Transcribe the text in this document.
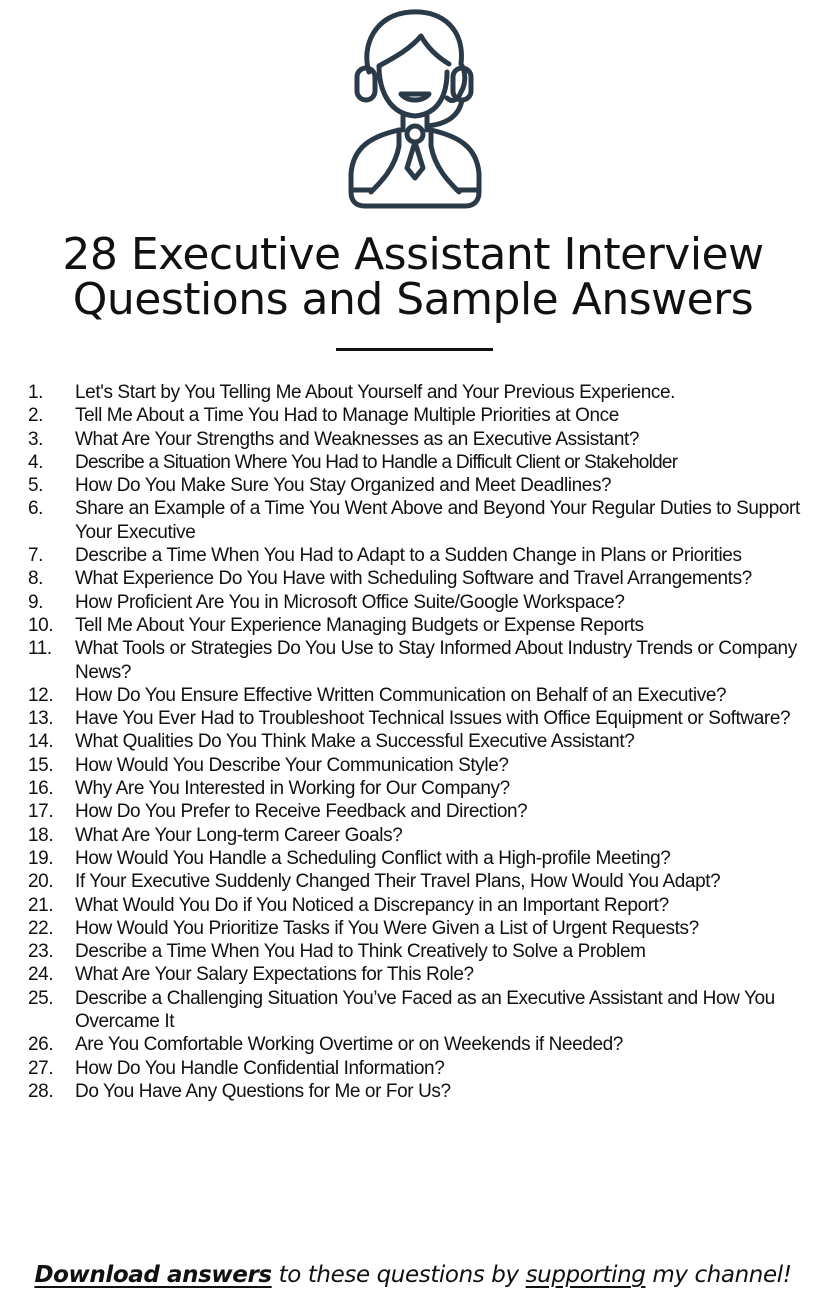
28 Executive Assistant Interview
Questions and Sample Answers
1. Let's Start by You Telling Me About Yourself and Your Previous Experience.
2. Tell Me About a Time You Had to Manage Multiple Priorities at Once
3. What Are Your Strengths and Weaknesses as an Executive Assistant?
4. Describe a Situation Where You Had to Handle a Difficult Client or Stakeholder
5. How Do You Make Sure You Stay Organized and Meet Deadlines?
6. Share an Example of a Time You Went Above and Beyond Your Regular Duties to Support Your Executive
7. Describe a Time When You Had to Adapt to a Sudden Change in Plans or Priorities
8. What Experience Do You Have with Scheduling Software and Travel Arrangements?
9. How Proficient Are You in Microsoft Office Suite/Google Workspace?
10. Tell Me About Your Experience Managing Budgets or Expense Reports
11. What Tools or Strategies Do You Use to Stay Informed About Industry Trends or Company News?
12. How Do You Ensure Effective Written Communication on Behalf of an Executive?
13. Have You Ever Had to Troubleshoot Technical Issues with Office Equipment or Software?
14. What Qualities Do You Think Make a Successful Executive Assistant?
15. How Would You Describe Your Communication Style?
16. Why Are You Interested in Working for Our Company?
17. How Do You Prefer to Receive Feedback and Direction?
18. What Are Your Long-term Career Goals?
19. How Would You Handle a Scheduling Conflict with a High-profile Meeting?
20. If Your Executive Suddenly Changed Their Travel Plans, How Would You Adapt?
21. What Would You Do if You Noticed a Discrepancy in an Important Report?
22. How Would You Prioritize Tasks if You Were Given a List of Urgent Requests?
23. Describe a Time When You Had to Think Creatively to Solve a Problem
24. What Are Your Salary Expectations for This Role?
25. Describe a Challenging Situation You’ve Faced as an Executive Assistant and How You Overcame It
26. Are You Comfortable Working Overtime or on Weekends if Needed?
27. How Do You Handle Confidential Information?
28. Do You Have Any Questions for Me or For Us?
Download answers to these questions by supporting my channel!
